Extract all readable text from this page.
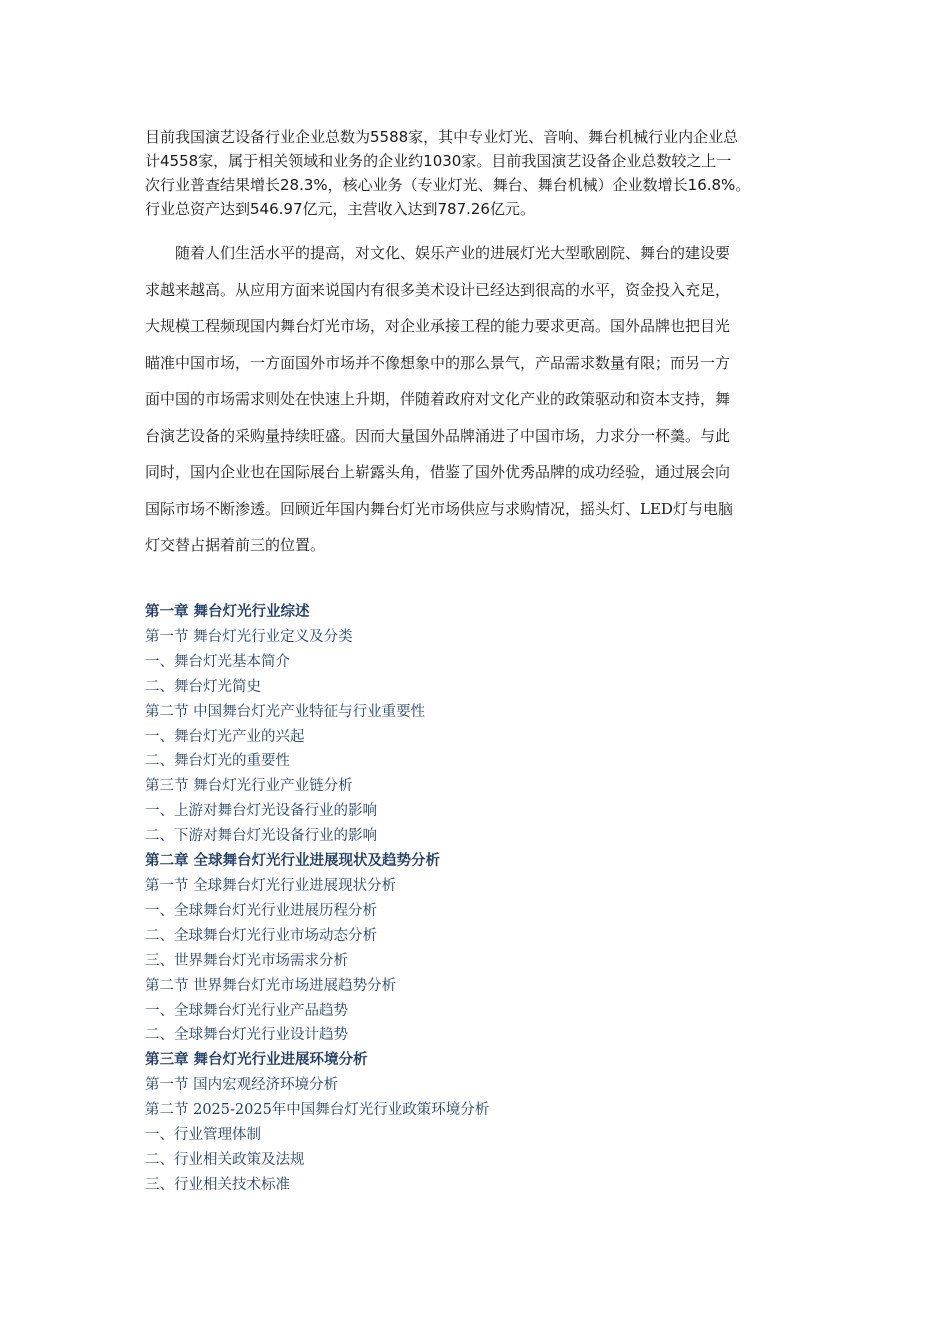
目前我国演艺设备行业企业总数为5588家，其中专业灯光、音响、舞台机械行业内企业总

计4558家，属于相关领域和业务的企业约1030家。目前我国演艺设备企业总数较之上一

次行业普查结果增长28.3%，核心业务（专业灯光、舞台、舞台机械）企业数增长16.8%。

行业总资产达到546.97亿元，主营收入达到787.26亿元。

随着人们生活水平的提高，对文化、娱乐产业的进展灯光大型歌剧院、舞台的建设要

求越来越高。从应用方面来说国内有很多美术设计已经达到很高的水平，资金投入充足，

大规模工程频现国内舞台灯光市场，对企业承接工程的能力要求更高。国外品牌也把目光

瞄准中国市场，一方面国外市场并不像想象中的那么景气，产品需求数量有限；而另一方

面中国的市场需求则处在快速上升期，伴随着政府对文化产业的政策驱动和资本支持，舞

台演艺设备的采购量持续旺盛。因而大量国外品牌涌进了中国市场，力求分一杯羹。与此

同时，国内企业也在国际展台上崭露头角，借鉴了国外优秀品牌的成功经验，通过展会向

国际市场不断渗透。回顾近年国内舞台灯光市场供应与求购情况，摇头灯、LED灯与电脑

灯交替占据着前三的位置。

第一章 舞台灯光行业综述
第一节 舞台灯光行业定义及分类
一、舞台灯光基本简介
二、舞台灯光简史
第二节 中国舞台灯光产业特征与行业重要性
一、舞台灯光产业的兴起
二、舞台灯光的重要性
第三节 舞台灯光行业产业链分析
一、上游对舞台灯光设备行业的影响
二、下游对舞台灯光设备行业的影响
第二章 全球舞台灯光行业进展现状及趋势分析
第一节 全球舞台灯光行业进展现状分析
一、全球舞台灯光行业进展历程分析
二、全球舞台灯光行业市场动态分析
三、世界舞台灯光市场需求分析
第二节 世界舞台灯光市场进展趋势分析
一、全球舞台灯光行业产品趋势
二、全球舞台灯光行业设计趋势
第三章 舞台灯光行业进展环境分析
第一节 国内宏观经济环境分析
第二节 2025-2025年中国舞台灯光行业政策环境分析
一、行业管理体制
二、行业相关政策及法规
三、行业相关技术标准
